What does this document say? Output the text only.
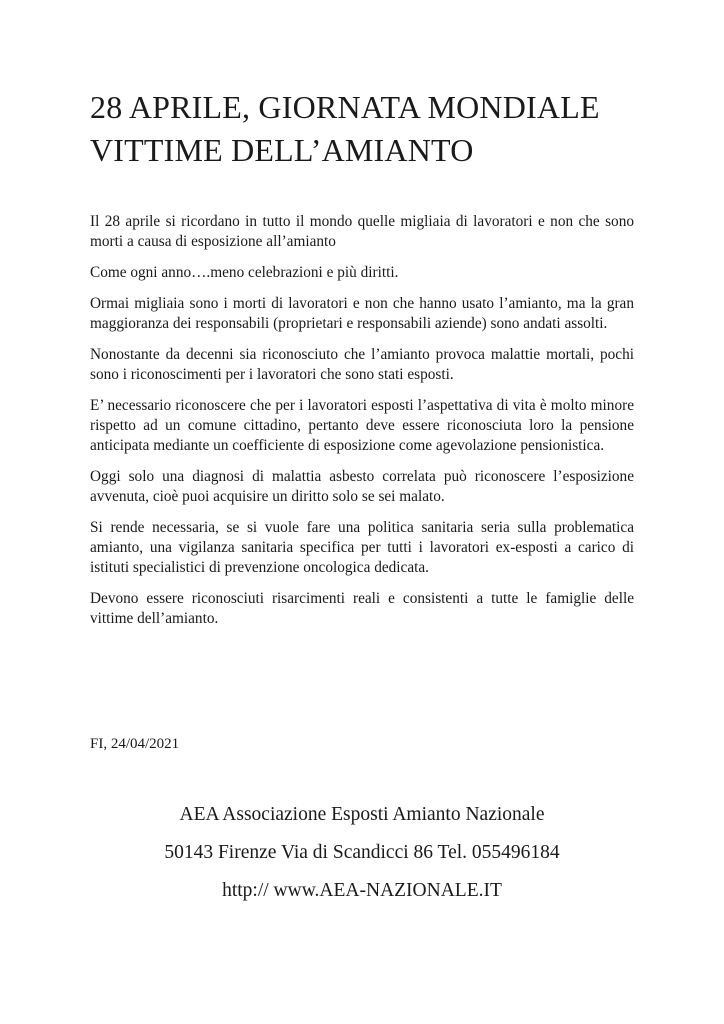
28 APRILE, GIORNATA MONDIALE
VITTIME DELL’AMIANTO

Il 28 aprile si ricordano in tutto il mondo quelle migliaia di lavoratori e non che sono morti a causa di esposizione all’amianto

Come ogni anno….meno celebrazioni e più diritti.

Ormai migliaia sono i morti di lavoratori e non che hanno usato l’amianto, ma la gran maggioranza dei responsabili (proprietari e responsabili aziende) sono andati assolti.

Nonostante da decenni sia riconosciuto che l’amianto provoca malattie mortali, pochi sono i riconoscimenti per i lavoratori che sono stati esposti.

E’ necessario riconoscere che per i lavoratori esposti l’aspettativa di vita è molto minore rispetto ad un comune cittadino, pertanto deve essere riconosciuta loro la pensione anticipata mediante un coefficiente di esposizione come agevolazione pensionistica.

Oggi solo una diagnosi di malattia asbesto correlata può riconoscere l’esposizione avvenuta, cioè puoi acquisire un diritto solo se sei malato.

Si rende necessaria, se si vuole fare una politica sanitaria seria sulla problematica amianto, una vigilanza sanitaria specifica per tutti i lavoratori ex-esposti a carico di istituti specialistici di prevenzione oncologica dedicata.

Devono essere riconosciuti risarcimenti reali e consistenti a tutte le famiglie delle vittime dell’amianto.

FI, 24/04/2021

AEA Associazione Esposti Amianto Nazionale

50143 Firenze Via di Scandicci 86 Tel. 055496184

http:// www.AEA-NAZIONALE.IT
